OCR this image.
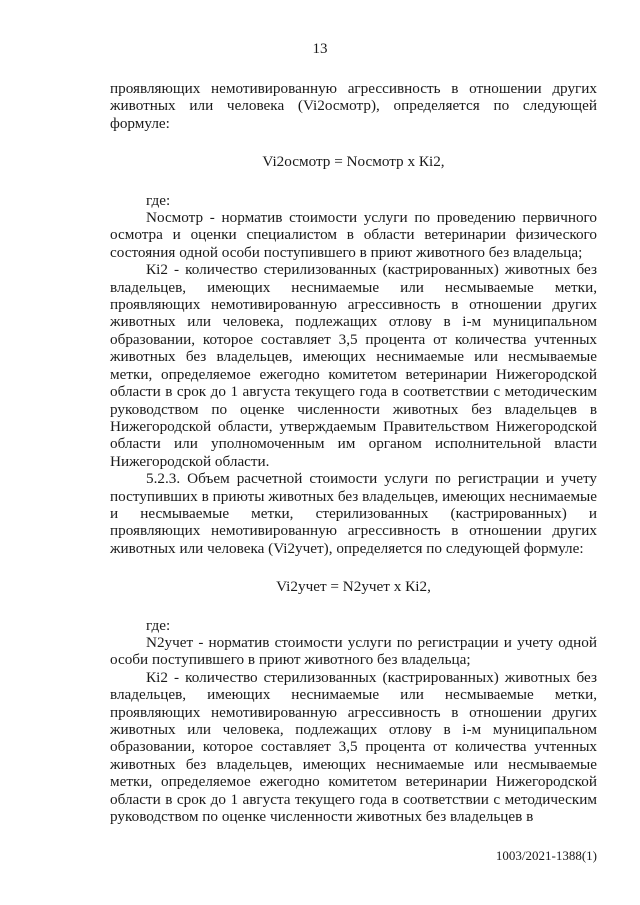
13

проявляющих немотивированную агрессивность в отношении других животных или человека (Vi2осмотр), определяется по следующей формуле:

Vi2осмотр = Nосмотр х Кi2,

где:

Nосмотр - норматив стоимости услуги по проведению первичного осмотра и оценки специалистом в области ветеринарии физического состояния одной особи поступившего в приют животного без владельца;

Кi2 - количество стерилизованных (кастрированных) животных без владельцев, имеющих неснимаемые или несмываемые метки, проявляющих немотивированную агрессивность в отношении других животных или человека, подлежащих отлову в i-м муниципальном образовании, которое составляет 3,5 процента от количества учтенных животных без владельцев, имеющих неснимаемые или несмываемые метки, определяемое ежегодно комитетом ветеринарии Нижегородской области в срок до 1 августа текущего года в соответствии с методическим руководством по оценке численности животных без владельцев в Нижегородской области, утверждаемым Правительством Нижегородской области или уполномоченным им органом исполнительной власти Нижегородской области.

5.2.3. Объем расчетной стоимости услуги по регистрации и учету поступивших в приюты животных без владельцев, имеющих неснимаемые и несмываемые метки, стерилизованных (кастрированных) и проявляющих немотивированную агрессивность в отношении других животных или человека (Vi2учет), определяется по следующей формуле:

Vi2учет = N2учет х Кi2,

где:

N2учет - норматив стоимости услуги по регистрации и учету одной особи поступившего в приют животного без владельца;

Кi2 - количество стерилизованных (кастрированных) животных без владельцев, имеющих неснимаемые или несмываемые метки, проявляющих немотивированную агрессивность в отношении других животных или человека, подлежащих отлову в i-м муниципальном образовании, которое составляет 3,5 процента от количества учтенных животных без владельцев, имеющих неснимаемые или несмываемые метки, определяемое ежегодно комитетом ветеринарии Нижегородской области в срок до 1 августа текущего года в соответствии с методическим руководством по оценке численности животных без владельцев в

1003/2021-1388(1)
